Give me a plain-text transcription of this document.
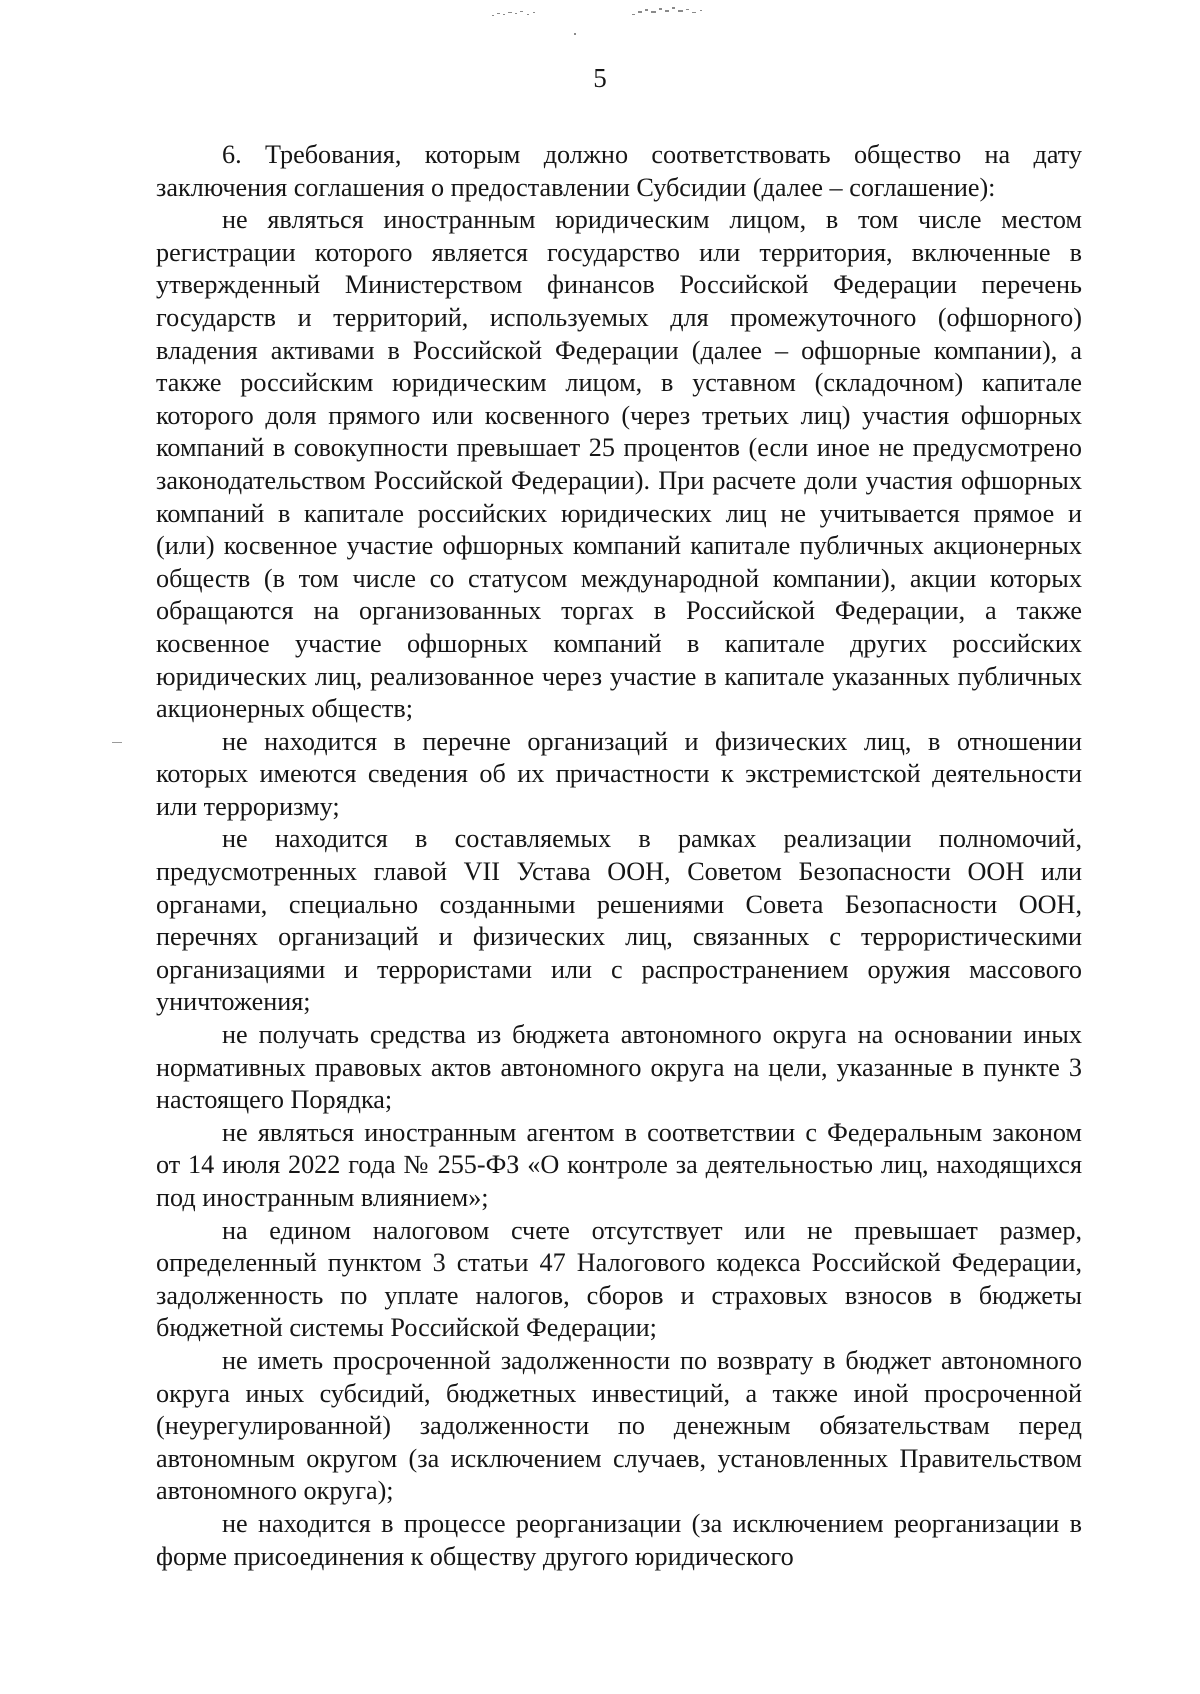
5

6. Требования, которым должно соответствовать общество на дату заключения соглашения о предоставлении Субсидии (далее – соглашение):

не являться иностранным юридическим лицом, в том числе местом регистрации которого является государство или территория, включенные в утвержденный Министерством финансов Российской Федерации перечень государств и территорий, используемых для промежуточного (офшорного) владения активами в Российской Федерации (далее – офшорные компании), а также российским юридическим лицом, в уставном (складочном) капитале которого доля прямого или косвенного (через третьих лиц) участия офшорных компаний в совокупности превышает 25 процентов (если иное не предусмотрено законодательством Российской Федерации). При расчете доли участия офшорных компаний в капитале российских юридических лиц не учитывается прямое и (или) косвенное участие офшорных компаний капитале публичных акционерных обществ (в том числе со статусом международной компании), акции которых обращаются на организованных торгах в Российской Федерации, а также косвенное участие офшорных компаний в капитале других российских юридических лиц, реализованное через участие в капитале указанных публичных акционерных обществ;

не находится в перечне организаций и физических лиц, в отношении которых имеются сведения об их причастности к экстремистской деятельности или терроризму;

не находится в составляемых в рамках реализации полномочий, предусмотренных главой VII Устава ООН, Советом Безопасности ООН или органами, специально созданными решениями Совета Безопасности ООН, перечнях организаций и физических лиц, связанных с террористическими организациями и террористами или с распространением оружия массового уничтожения;

не получать средства из бюджета автономного округа на основании иных нормативных правовых актов автономного округа на цели, указанные в пункте 3 настоящего Порядка;

не являться иностранным агентом в соответствии с Федеральным законом от 14 июля 2022 года № 255-ФЗ «О контроле за деятельностью лиц, находящихся под иностранным влиянием»;

на едином налоговом счете отсутствует или не превышает размер, определенный пунктом 3 статьи 47 Налогового кодекса Российской Федерации, задолженность по уплате налогов, сборов и страховых взносов в бюджеты бюджетной системы Российской Федерации;

не иметь просроченной задолженности по возврату в бюджет автономного округа иных субсидий, бюджетных инвестиций, а также иной просроченной (неурегулированной) задолженности по денежным обязательствам перед автономным округом (за исключением случаев, установленных Правительством автономного округа);

не находится в процессе реорганизации (за исключением реорганизации в форме присоединения к обществу другого юридического
